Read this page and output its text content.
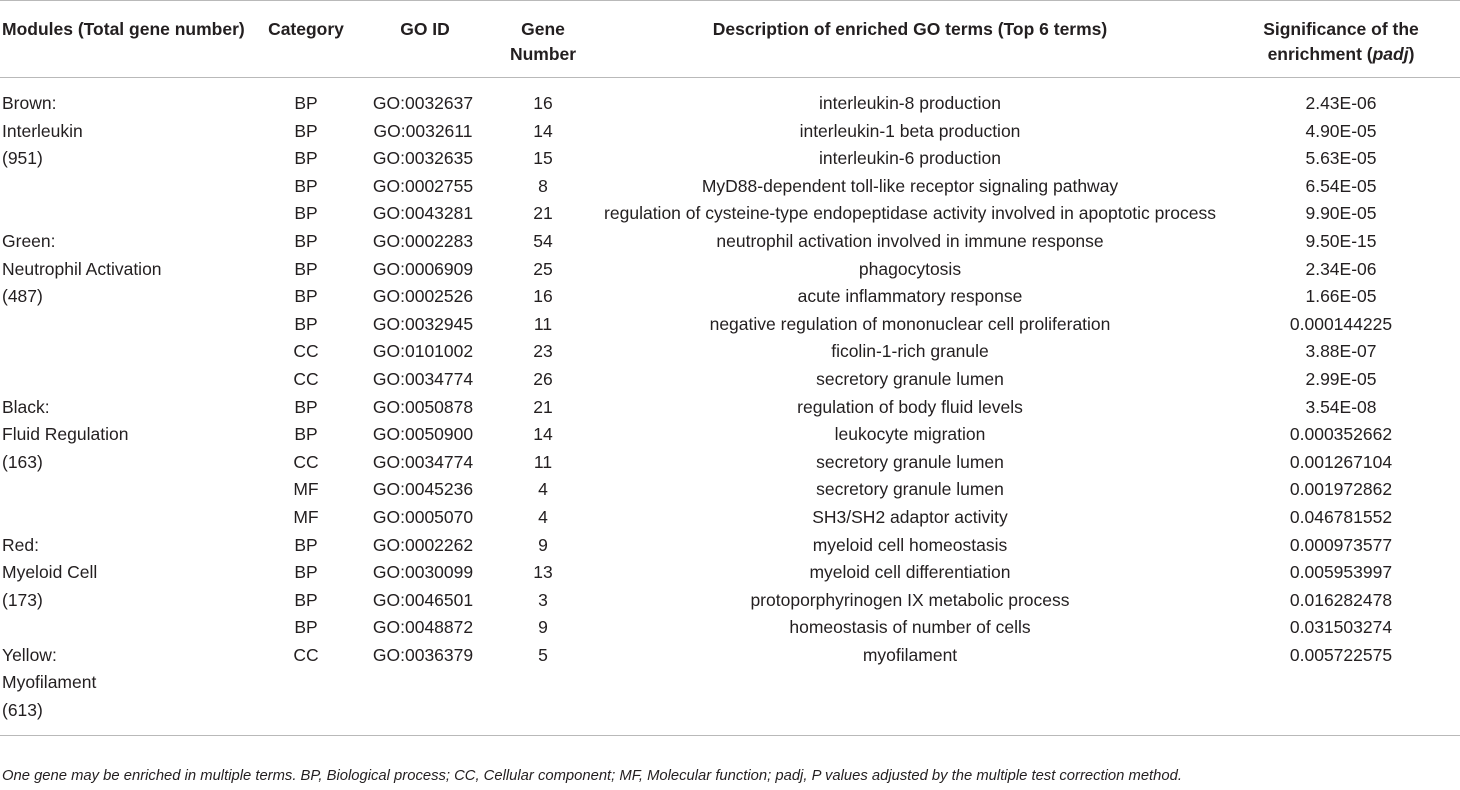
Modules (Total gene number)	Category	GO ID	Gene Number	Description of enriched GO terms (Top 6 terms)	Significance of the enrichment (padj)
Brown:	BP	GO:0032637	16	interleukin-8 production	2.43E-06
Interleukin	BP	GO:0032611	14	interleukin-1 beta production	4.90E-05
(951)	BP	GO:0032635	15	interleukin-6 production	5.63E-05
	BP	GO:0002755	8	MyD88-dependent toll-like receptor signaling pathway	6.54E-05
	BP	GO:0043281	21	regulation of cysteine-type endopeptidase activity involved in apoptotic process	9.90E-05
Green:	BP	GO:0002283	54	neutrophil activation involved in immune response	9.50E-15
Neutrophil Activation	BP	GO:0006909	25	phagocytosis	2.34E-06
(487)	BP	GO:0002526	16	acute inflammatory response	1.66E-05
	BP	GO:0032945	11	negative regulation of mononuclear cell proliferation	0.000144225
	CC	GO:0101002	23	ficolin-1-rich granule	3.88E-07
	CC	GO:0034774	26	secretory granule lumen	2.99E-05
Black:	BP	GO:0050878	21	regulation of body fluid levels	3.54E-08
Fluid Regulation	BP	GO:0050900	14	leukocyte migration	0.000352662
(163)	CC	GO:0034774	11	secretory granule lumen	0.001267104
	MF	GO:0045236	4	secretory granule lumen	0.001972862
	MF	GO:0005070	4	SH3/SH2 adaptor activity	0.046781552
Red:	BP	GO:0002262	9	myeloid cell homeostasis	0.000973577
Myeloid Cell	BP	GO:0030099	13	myeloid cell differentiation	0.005953997
(173)	BP	GO:0046501	3	protoporphyrinogen IX metabolic process	0.016282478
	BP	GO:0048872	9	homeostasis of number of cells	0.031503274
Yellow:	CC	GO:0036379	5	myofilament	0.005722575
Myofilament					
(613)					
One gene may be enriched in multiple terms. BP, Biological process; CC, Cellular component; MF, Molecular function; padj, P values adjusted by the multiple test correction method.
